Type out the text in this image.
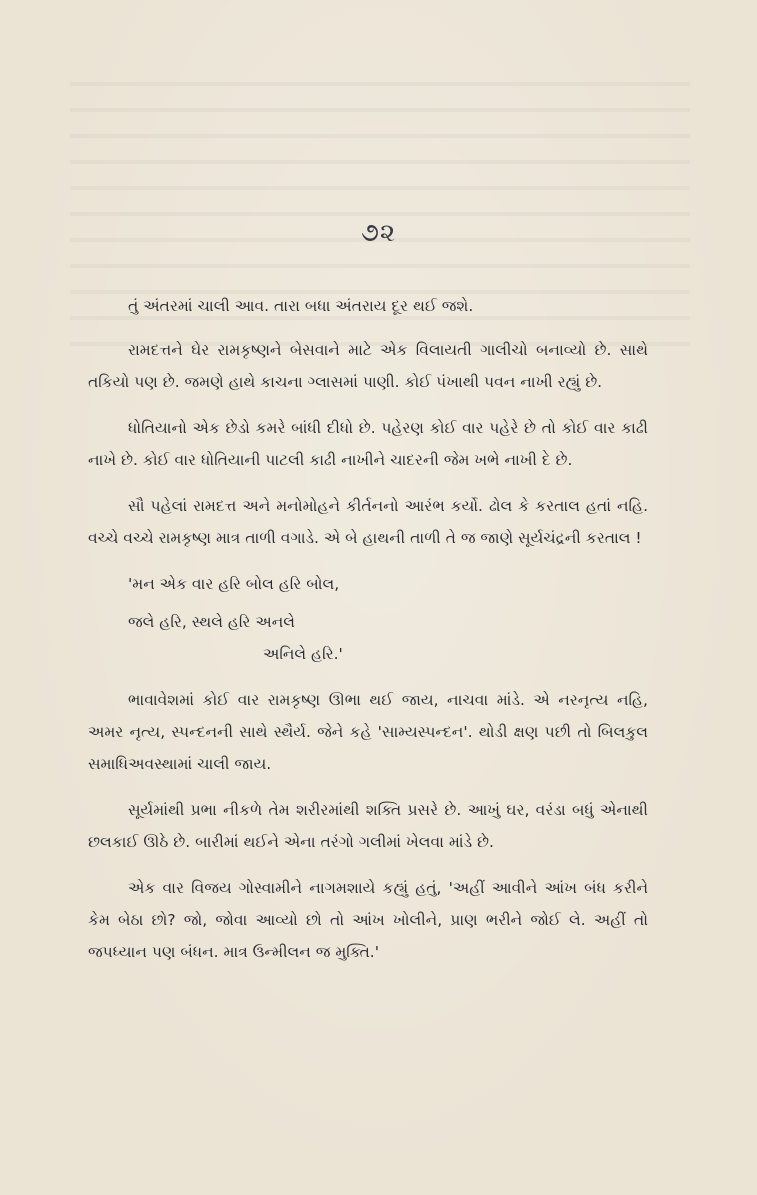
૭૨

તું અંતરમાં ચાલી આવ. તારા બધા અંતરાય દૂર થઈ જશે.

રામદત્તને ઘેર રામકૃષ્ણને બેસવાને માટે એક વિલાયતી ગાલીચો બનાવ્યો છે. સાથે તકિયો પણ છે. જમણે હાથે કાચના ગ્લાસમાં પાણી. કોઈ પંખાથી પવન નાખી રહ્યું છે.

ધોતિયાનો એક છેડો કમરે બાંધી દીધો છે. પહેરણ કોઈ વાર પહેરે છે તો કોઈ વાર કાઢી નાખે છે. કોઈ વાર ધોતિયાની પાટલી કાઢી નાખીને ચાદરની જેમ ખભે નાખી દે છે.

સૌ પહેલાં રામદત્ત અને મનોમોહને કીર્તનનો આરંભ કર્યો. ઢોલ કે કરતાલ હતાં નહિ. વચ્ચે વચ્ચે રામકૃષ્ણ માત્ર તાળી વગાડે. એ બે હાથની તાળી તે જ જાણે સૂર્યચંદ્રની કરતાલ !

'મન એક વાર હરિ બોલ હરિ બોલ,
જલે હરિ, સ્થલે હરિ અનલે
અનિલે હરિ.'

ભાવાવેશમાં કોઈ વાર રામકૃષ્ણ ઊભા થઈ જાય, નાચવા માંડે. એ નરનૃત્ય નહિ, અમર નૃત્ય, સ્પન્દનની સાથે સ્થૈર્ય. જેને કહે 'સામ્યસ્પન્દન'. થોડી ક્ષણ પછી તો બિલકુલ સમાધિઅવસ્થામાં ચાલી જાય.

સૂર્યમાંથી પ્રભા નીકળે તેમ શરીરમાંથી શક્તિ પ્રસરે છે. આખું ઘર, વરંડા બધું એનાથી છલકાઈ ઊઠે છે. બારીમાં થઈને એના તરંગો ગલીમાં ખેલવા માંડે છે.

એક વાર વિજય ગોસ્વામીને નાગમશાયે કહ્યું હતું, 'અહીં આવીને આંખ બંધ કરીને કેમ બેઠા છો? જો, જોવા આવ્યો છો તો આંખ ખોલીને, પ્રાણ ભરીને જોઈ લે. અહીં તો જપધ્યાન પણ બંધન. માત્ર ઉન્મીલન જ મુક્તિ.'
